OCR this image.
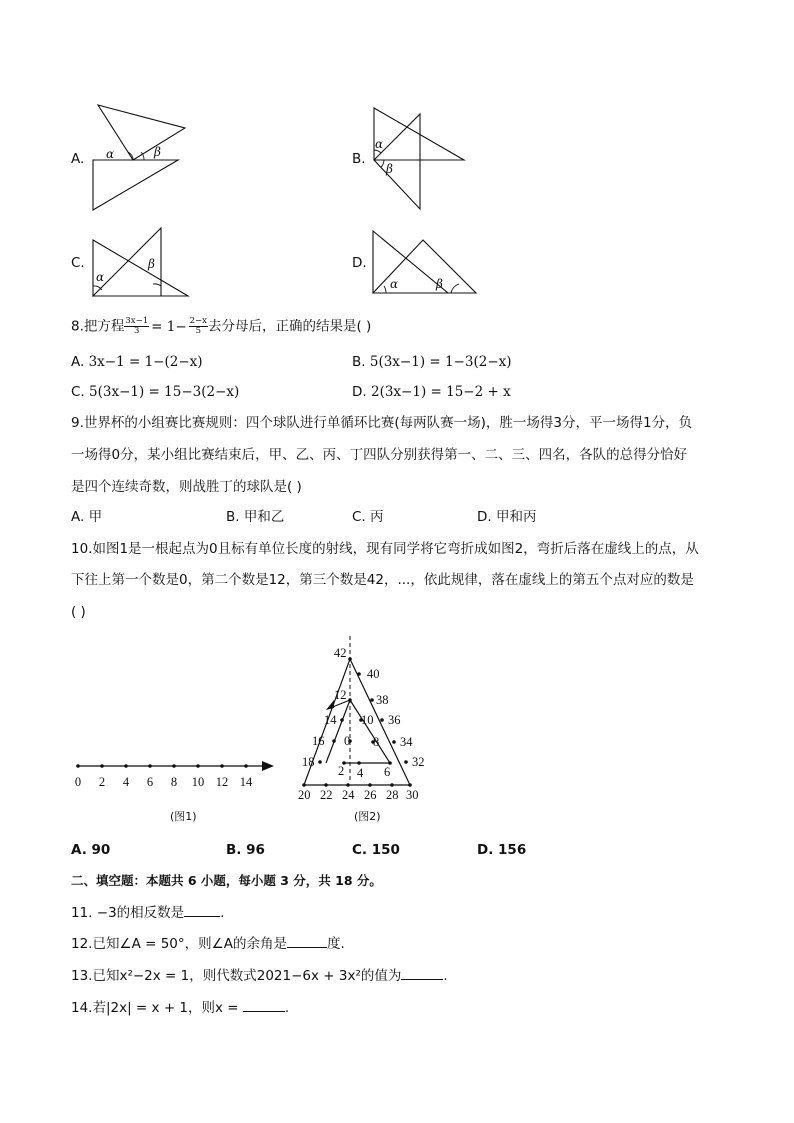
A. α	β	B.
α
β
C.
α
β	D.
α	β
8.把方程 $\frac{3x-1}{3} = 1- \frac{2-x}{5}$ 去分母后，正确的结果是( )
A. 3x−1 = 1−(2−x)	B. 5(3x−1) = 1−3(2−x)
C. 5(3x−1) = 15−3(2−x)	D. 2(3x−1) = 15−2 + x
9.世界杯的小组赛比赛规则：四个球队进行单循环比赛(每两队赛一场)，胜一场得3分，平一场得1分，负
一场得0分，某小组比赛结束后，甲、乙、丙、丁四队分别获得第一、二、三、四名，各队的总得分恰好
是四个连续奇数，则战胜丁的球队是( )
A. 甲	B. 甲和乙	C. 丙	D. 甲和丙
10.如图1是一根起点为0且标有单位长度的射线，现有同学将它弯折成如图2，弯折后落在虚线上的点，从
下往上第一个数是0，第二个数是12，第三个数是42，...，依此规律，落在虚线上的第五个点对应的数是
( )
0 2 4 6 8 10 12 14
(图1)
42
40
12 38
14 10 36
16 0 8 34
18	32
2 4 6
20 22 24 26 28 30
(图2)
A. 90	B. 96	C. 150	D. 156
二、填空题：本题共 6 小题，每小题 3 分，共 18 分。
11. −3的相反数是	.
12.已知∠A = 50°，则∠A的余角是	度.
13.已知x²−2x = 1，则代数式2021−6x + 3x²的值为	.
14.若|2x| = x + 1，则x =	.
